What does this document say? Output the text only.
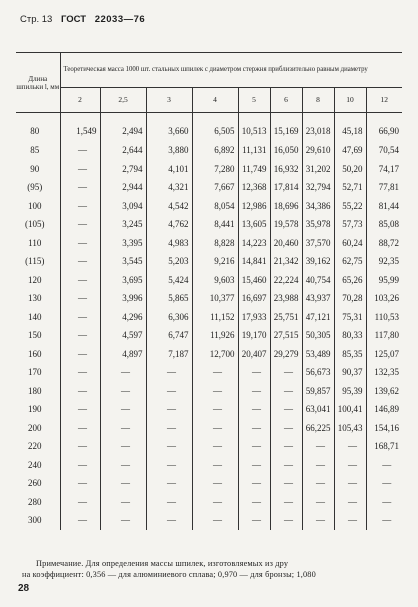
Стр. 13 ГОСТ 22033—76
Длина шпильки l, мм	Теоретическая масса 1000 шт. стальных шпилек с диаметром стержня приблизительно равным диаметру								
	2	2,5	3	4	5	6	8	10	12
80	1,549	2,494	3,660	6,505	10,513	15,169	23,018	45,18	66,90
85	—	2,644	3,880	6,892	11,131	16,050	29,610	47,69	70,54
90	—	2,794	4,101	7,280	11,749	16,932	31,202	50,20	74,17
(95)	—	2,944	4,321	7,667	12,368	17,814	32,794	52,71	77,81
100	—	3,094	4,542	8,054	12,986	18,696	34,386	55,22	81,44
(105)	—	3,245	4,762	8,441	13,605	19,578	35,978	57,73	85,08
110	—	3,395	4,983	8,828	14,223	20,460	37,570	60,24	88,72
(115)	—	3,545	5,203	9,216	14,841	21,342	39,162	62,75	92,35
120	—	3,695	5,424	9,603	15,460	22,224	40,754	65,26	95,99
130	—	3,996	5,865	10,377	16,697	23,988	43,937	70,28	103,26
140	—	4,296	6,306	11,152	17,933	25,751	47,121	75,31	110,53
150	—	4,597	6,747	11,926	19,170	27,515	50,305	80,33	117,80
160	—	4,897	7,187	12,700	20,407	29,279	53,489	85,35	125,07
170	—	—	—	—	—	—	56,673	90,37	132,35
180	—	—	—	—	—	—	59,857	95,39	139,62
190	—	—	—	—	—	—	63,041	100,41	146,89
200	—	—	—	—	—	—	66,225	105,43	154,16
220	—	—	—	—	—	—	—	—	168,71
240	—	—	—	—	—	—	—	—	—
260	—	—	—	—	—	—	—	—	—
280	—	—	—	—	—	—	—	—	—
300	—	—	—	—	—	—	—	—	—

Примечание. Для определения массы шпилек, изготовляемых из дру

на коэффициент: 0,356 — для алюминиевого сплава; 0,970 — для бронзы; 1,080

28
